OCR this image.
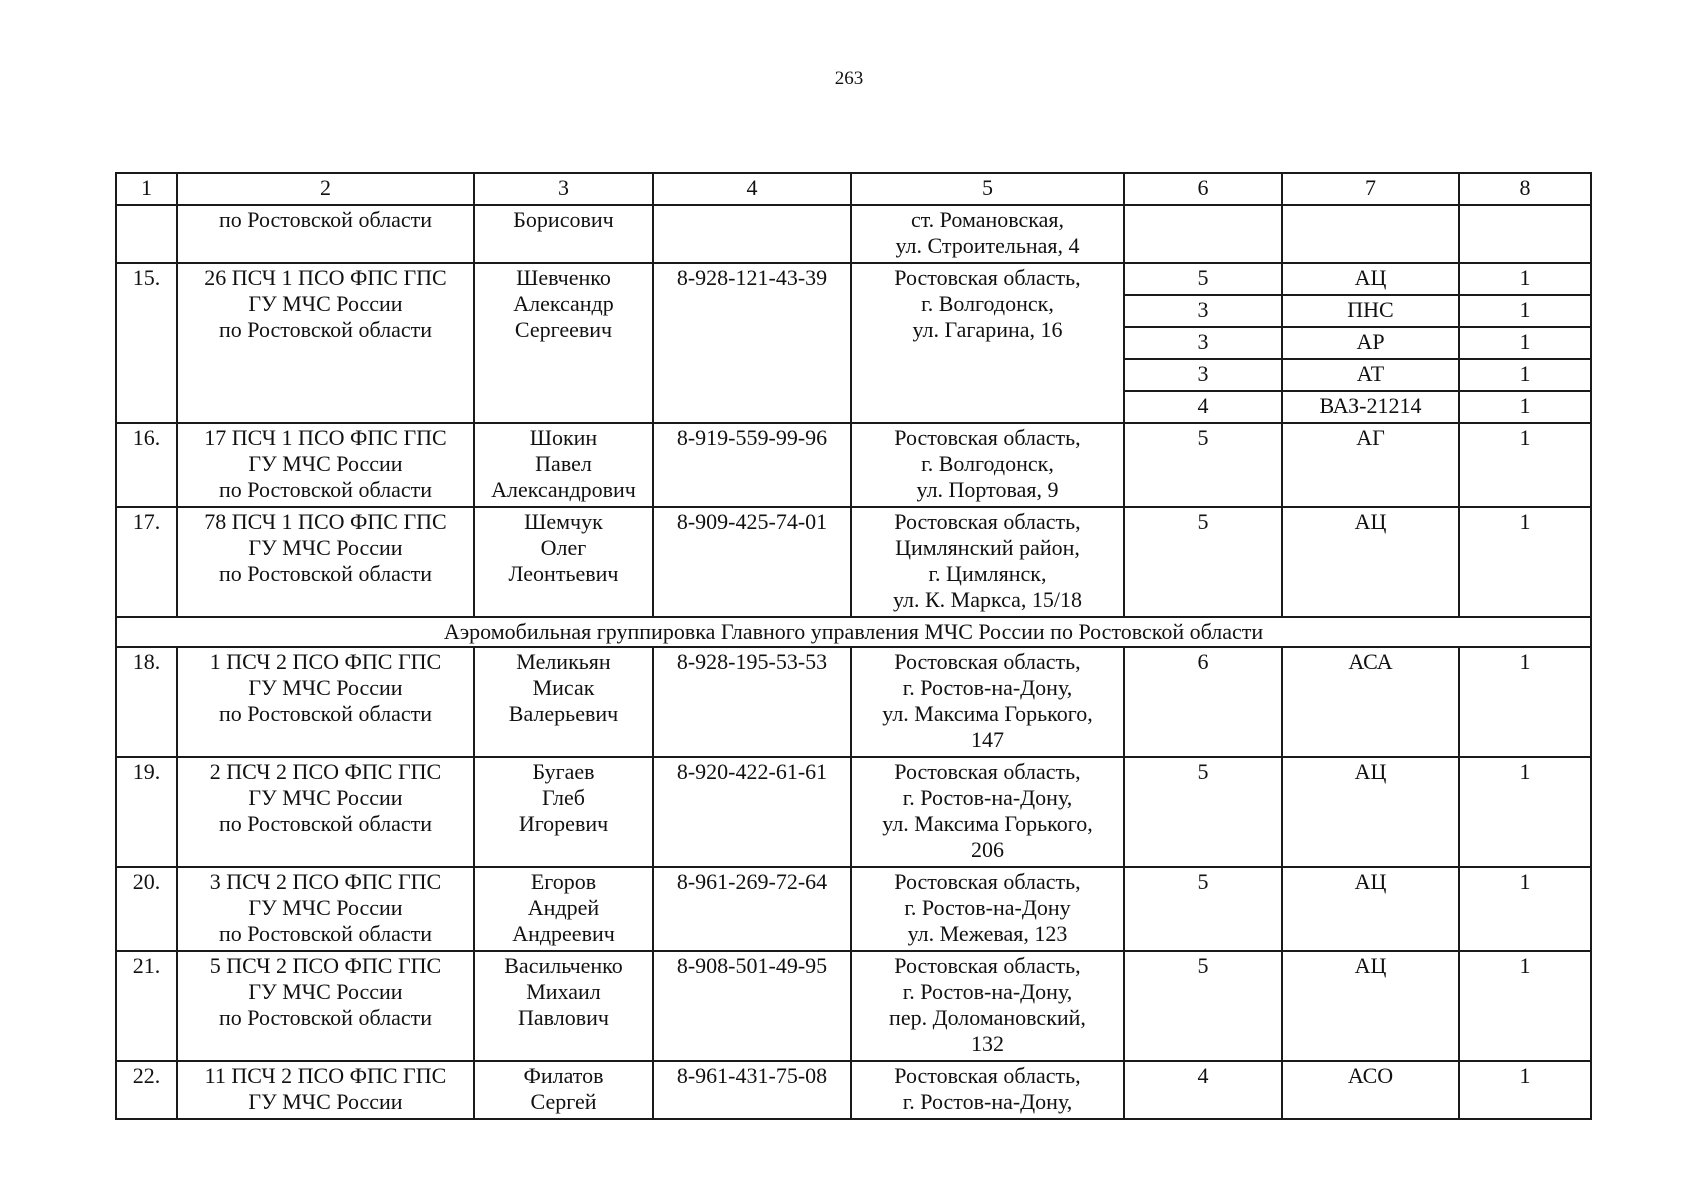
263
1	2	3	4	5	6	7	8

	по Ростовской области	Борисович		ст. Романовская,
ул. Строительная, 4			

15.	26 ПСЧ 1 ПСО ФПС ГПС
ГУ МЧС России
по Ростовской области	Шевченко
Александр
Сергеевич	8-928-121-43-39	Ростовская область,
г. Волгодонск,
ул. Гагарина, 16	5	АЦ	1
					3	ПНС	1
					3	АР	1
					3	АТ	1
					4	ВАЗ-21214	1
16.	17 ПСЧ 1 ПСО ФПС ГПС
ГУ МЧС России
по Ростовской области	Шокин
Павел
Александрович	8-919-559-99-96	Ростовская область,
г. Волгодонск,
ул. Портовая, 9	5	АГ	1
17.	78 ПСЧ 1 ПСО ФПС ГПС
ГУ МЧС России
по Ростовской области	Шемчук
Олег
Леонтьевич	8-909-425-74-01	Ростовская область,
Цимлянский район,
г. Цимлянск,
ул. К. Маркса, 15/18	5	АЦ	1
Аэромобильная группировка Главного управления МЧС России по Ростовской области							
18.	1 ПСЧ 2 ПСО ФПС ГПС
ГУ МЧС России
по Ростовской области	Меликьян
Мисак
Валерьевич	8-928-195-53-53	Ростовская область,
г. Ростов-на-Дону,
ул. Максима Горького,
147	6	АСА	1
19.	2 ПСЧ 2 ПСО ФПС ГПС
ГУ МЧС России
по Ростовской области	Бугаев
Глеб
Игоревич	8-920-422-61-61	Ростовская область,
г. Ростов-на-Дону,
ул. Максима Горького,
206	5	АЦ	1
20.	3 ПСЧ 2 ПСО ФПС ГПС
ГУ МЧС России
по Ростовской области	Егоров
Андрей
Андреевич	8-961-269-72-64	Ростовская область,
г. Ростов-на-Дону
ул. Межевая, 123	5	АЦ	1
21.	5 ПСЧ 2 ПСО ФПС ГПС
ГУ МЧС России
по Ростовской области	Васильченко
Михаил
Павлович	8-908-501-49-95	Ростовская область,
г. Ростов-на-Дону,
пер. Доломановский,
132	5	АЦ	1
22.	11 ПСЧ 2 ПСО ФПС ГПС
ГУ МЧС России	Филатов
Сергей	8-961-431-75-08	Ростовская область,
г. Ростов-на-Дону,	4	АСО	1
